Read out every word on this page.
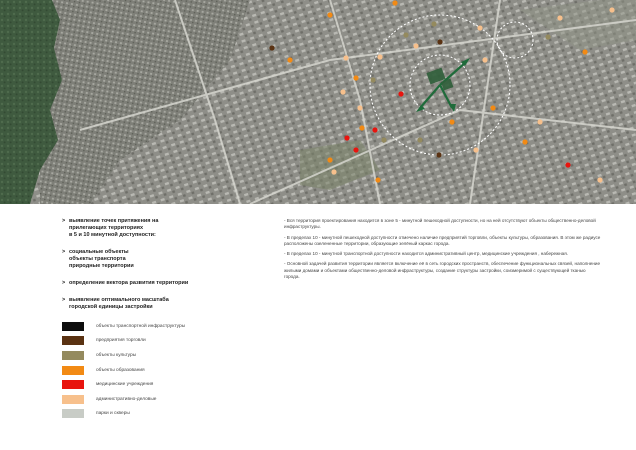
> выявление точек притяжения на
прилегающих территориях
в 5 и 10 минутной доступности:
> социальные объекты
объекты транспорта
природные территории
> определение вектора развития территории
> выявление оптимального масштаба
городской единицы застройки
- Вся территория проектирования находится в зоне 5 - минутной пешеходной доступности, но на ней отсутствуют объекты общественно-деловой инфраструктуры.
- В пределах 10 - минутной пешеходной доступности отмечено наличие предприятий торговли, объекты культуры, образования. В этом же радиусе расположены озелененные территории, образующие зелёный каркас города.
- В пределах 10 - минутной транспортной доступности находится административный центр, медицинские учреждения , набережная.
- Основной задачей развития территории является включение её в сеть городских пространств, обеспечение функциональных связей, наполнение жилыми домами и объектами общественно-деловой инфраструктуры, создание структуры застройки, соизмеримой с существующей тканью города.
объекты транспортной инфраструктуры
предприятия торговли
объекты культуры
объекты образования
медицинские учреждения
административно-деловые
парки и скверы
